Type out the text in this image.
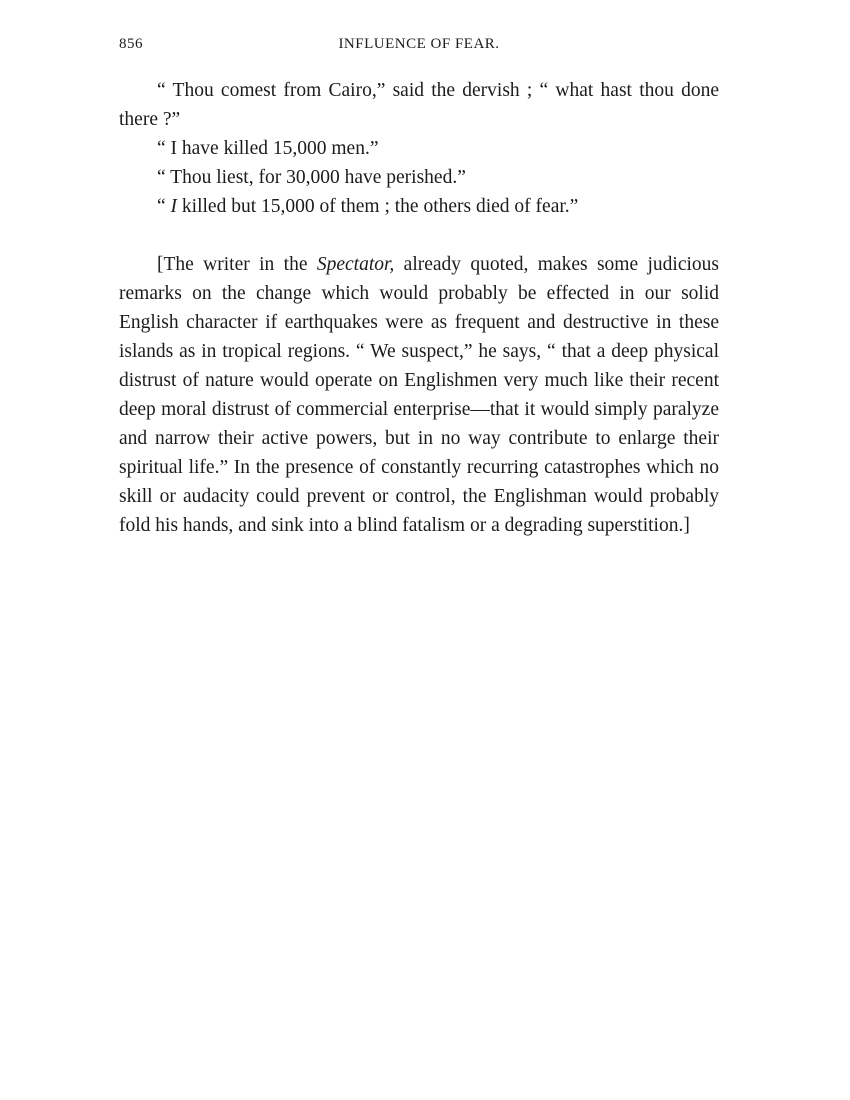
856	INFLUENCE OF FEAR.

“ Thou comest from Cairo,” said the dervish ; “ what hast thou done there ?”

“ I have killed 15,000 men.”

“ Thou liest, for 30,000 have perished.”

“ I killed but 15,000 of them ; the others died of fear.”

[The writer in the Spectator, already quoted, makes some judicious remarks on the change which would probably be effected in our solid English character if earthquakes were as frequent and destructive in these islands as in tropical regions. “ We suspect,” he says, “ that a deep physical distrust of nature would operate on Englishmen very much like their recent deep moral distrust of commercial enterprise—that it would simply paralyze and narrow their active powers, but in no way contribute to enlarge their spiritual life.” In the presence of constantly recurring catastrophes which no skill or audacity could prevent or control, the Englishman would probably fold his hands, and sink into a blind fatalism or a degrading superstition.]
